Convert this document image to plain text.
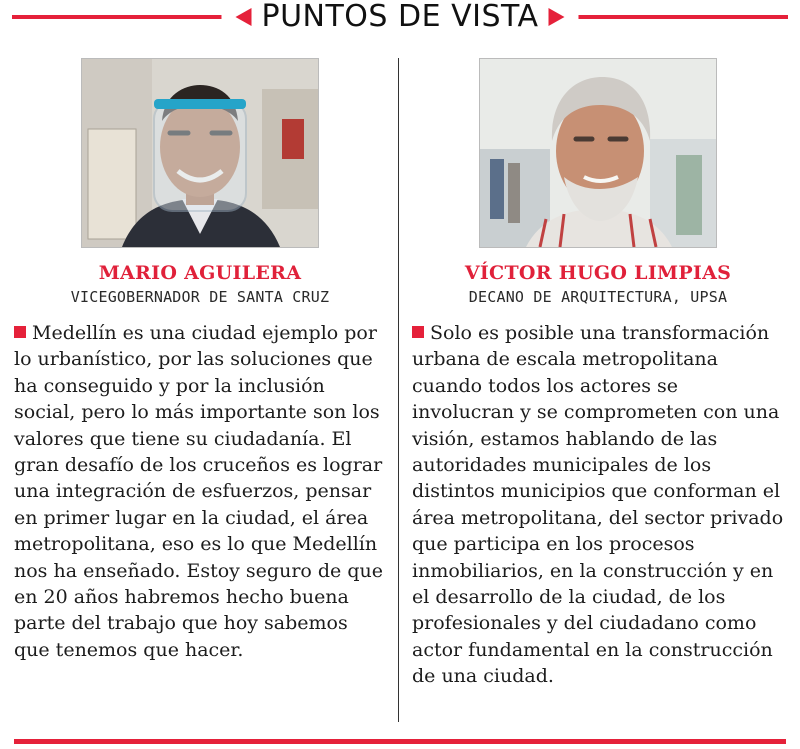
PUNTOS DE VISTA
MARIO AGUILERA
VICEGOBERNADOR DE SANTA CRUZ
Medellín es una ciudad ejemplo por lo urbanístico, por las soluciones que ha conseguido y por la inclusión social, pero lo más importante son los valores que tiene su ciudadanía. El gran desafío de los cruceños es lograr una integración de esfuerzos, pensar en primer lugar en la ciudad, el área metropolitana, eso es lo que Medellín nos ha enseñado. Estoy seguro de que en 20 años habremos hecho buena parte del trabajo que hoy sabemos que tenemos que hacer.
VÍCTOR HUGO LIMPIAS
DECANO DE ARQUITECTURA, UPSA
Solo es posible una transformación urbana de escala metropolitana cuando todos los actores se involucran y se comprometen con una visión, estamos hablando de las autoridades municipales de los distintos municipios que conforman el área metropolitana, del sector privado que participa en los procesos inmobiliarios, en la construcción y en el desarrollo de la ciudad, de los profesionales y del ciudadano como actor fundamental en la construcción de una ciudad.
